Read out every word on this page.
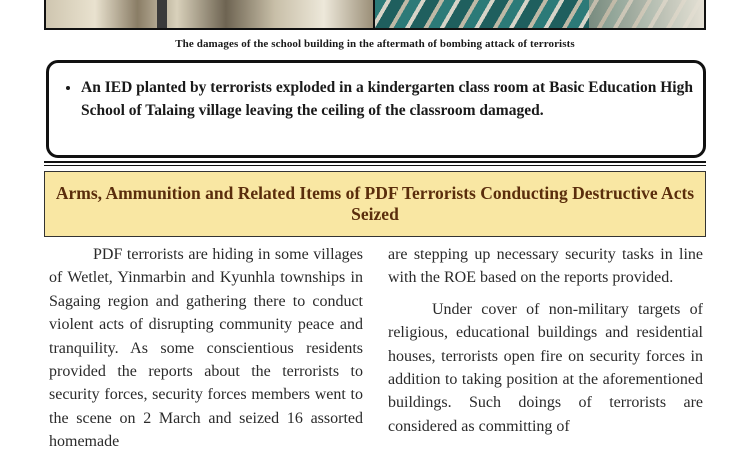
The damages of the school building in the aftermath of bombing attack of terrorists
• An IED planted by terrorists exploded in a kindergarten class room at Basic Education High School of Talaing village leaving the ceiling of the classroom damaged.
Arms, Ammunition and Related Items of PDF Terrorists Conducting Destructive Acts Seized

PDF terrorists are hiding in some villages of Wetlet, Yinmarbin and Kyunhla townships in Sagaing region and gathering there to conduct violent acts of disrupting community peace and tranquility. As some conscientious residents provided the reports about the terrorists to security forces, security forces members went to the scene on 2 March and seized 16 assorted homemade

are stepping up necessary security tasks in line with the ROE based on the reports provided.

Under cover of non-military targets of religious, educational buildings and residential houses, terrorists open fire on security forces in addition to taking position at the aforementioned buildings. Such doings of terrorists are considered as committing of
